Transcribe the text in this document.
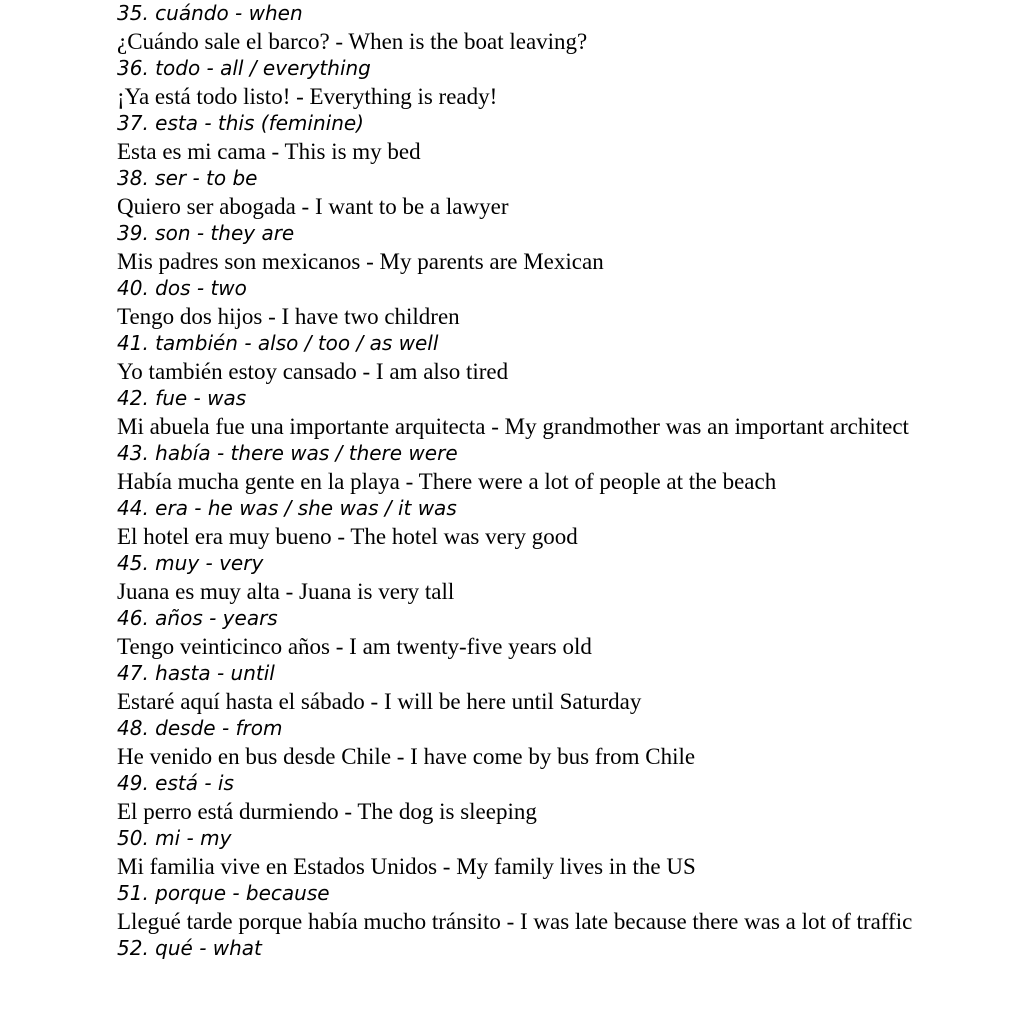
35. cuándo - when
¿Cuándo sale el barco? - When is the boat leaving?
36. todo - all / everything
¡Ya está todo listo! - Everything is ready!
37. esta - this (feminine)
Esta es mi cama - This is my bed
38. ser - to be
Quiero ser abogada - I want to be a lawyer
39. son - they are
Mis padres son mexicanos - My parents are Mexican
40. dos - two
Tengo dos hijos - I have two children
41. también - also / too / as well
Yo también estoy cansado - I am also tired
42. fue - was
Mi abuela fue una importante arquitecta - My grandmother was an important architect
43. había - there was / there were
Había mucha gente en la playa - There were a lot of people at the beach
44. era - he was / she was / it was
El hotel era muy bueno - The hotel was very good
45. muy - very
Juana es muy alta - Juana is very tall
46. años - years
Tengo veinticinco años - I am twenty-five years old
47. hasta - until
Estaré aquí hasta el sábado - I will be here until Saturday
48. desde - from
He venido en bus desde Chile - I have come by bus from Chile
49. está - is
El perro está durmiendo - The dog is sleeping
50. mi - my
Mi familia vive en Estados Unidos - My family lives in the US
51. porque - because
Llegué tarde porque había mucho tránsito - I was late because there was a lot of traffic
52. qué - what
